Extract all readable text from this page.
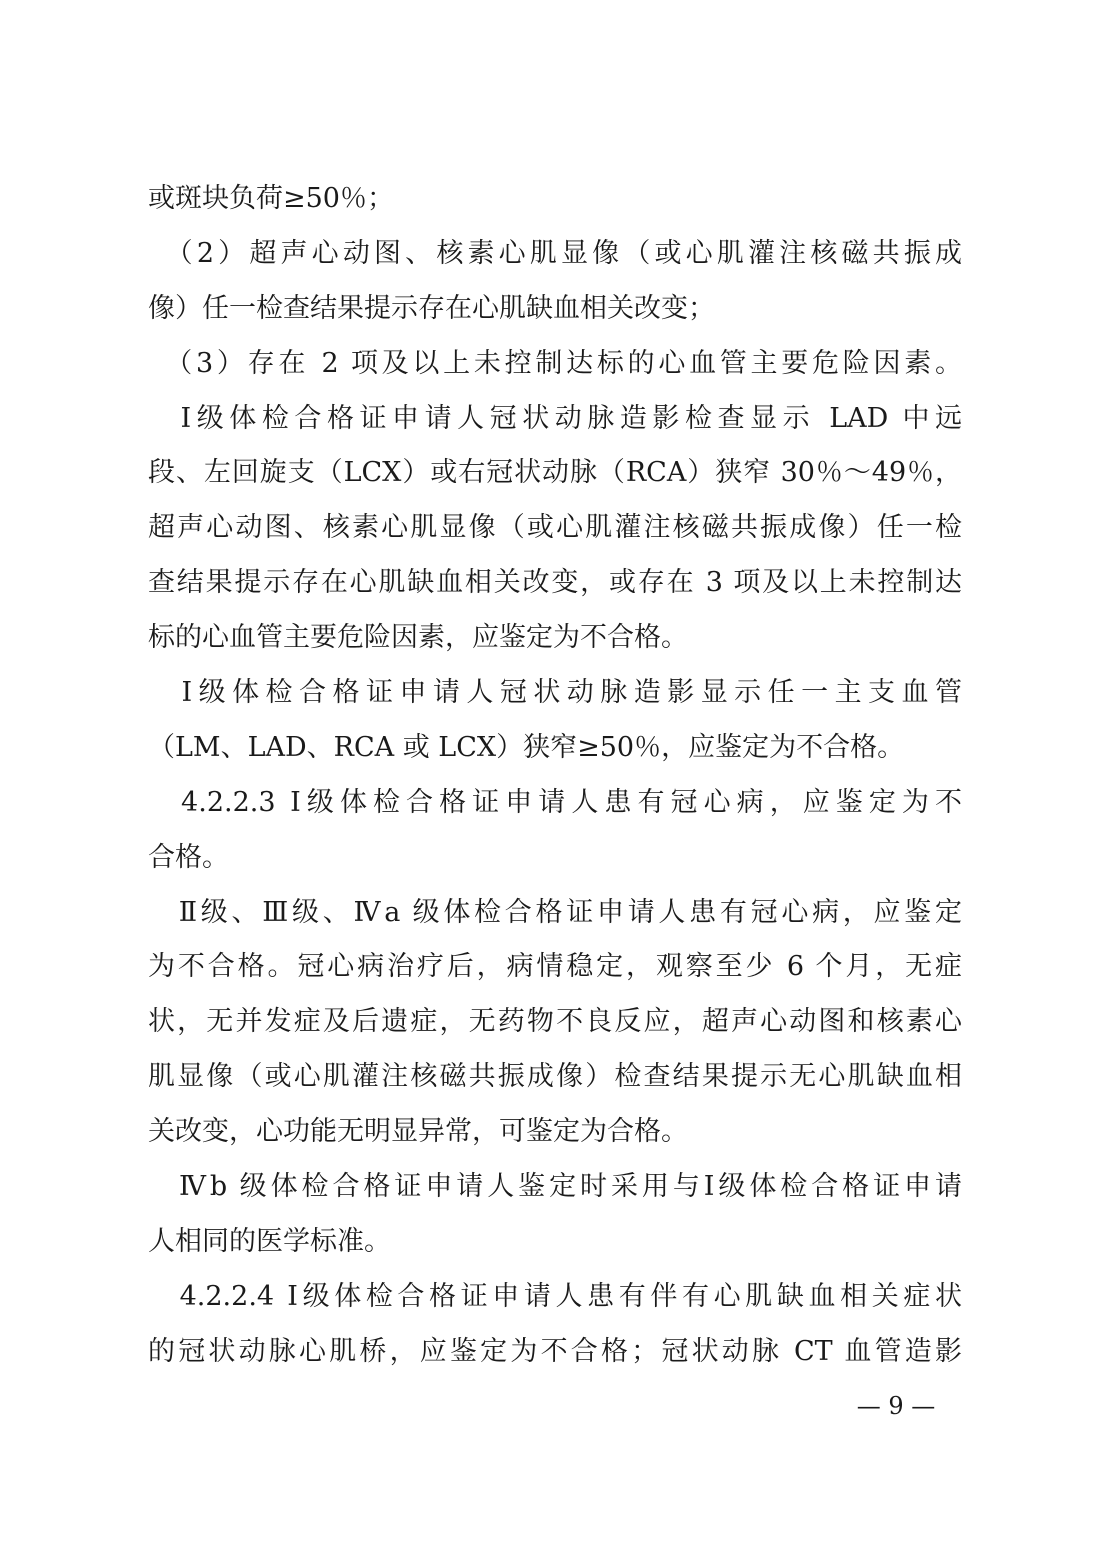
或斑块负荷≥50％；
　（2）超声心动图、核素心肌显像（或心肌灌注核磁共振成
像）任一检查结果提示存在心肌缺血相关改变；
　（3）存在 2 项及以上未控制达标的心血管主要危险因素。
　Ⅰ级体检合格证申请人冠状动脉造影检查显示 LAD 中远
段、左回旋支（LCX）或右冠状动脉（RCA）狭窄 30％～49％，
超声心动图、核素心肌显像（或心肌灌注核磁共振成像）任一检
查结果提示存在心肌缺血相关改变，或存在 3 项及以上未控制达
标的心血管主要危险因素，应鉴定为不合格。
　Ⅰ级体检合格证申请人冠状动脉造影显示任一主支血管
（LM、LAD、RCA 或 LCX）狭窄≥50％，应鉴定为不合格。
　4.2.2.3 Ⅰ级体检合格证申请人患有冠心病，应鉴定为不
合格。
　Ⅱ级、Ⅲ级、Ⅳa 级体检合格证申请人患有冠心病，应鉴定
为不合格。冠心病治疗后，病情稳定，观察至少 6 个月，无症
状，无并发症及后遗症，无药物不良反应，超声心动图和核素心
肌显像（或心肌灌注核磁共振成像）检查结果提示无心肌缺血相
关改变，心功能无明显异常，可鉴定为合格。
　Ⅳb 级体检合格证申请人鉴定时采用与Ⅰ级体检合格证申请
人相同的医学标准。
　4.2.2.4 Ⅰ级体检合格证申请人患有伴有心肌缺血相关症状
的冠状动脉心肌桥，应鉴定为不合格；冠状动脉 CT 血管造影
— 9 —
